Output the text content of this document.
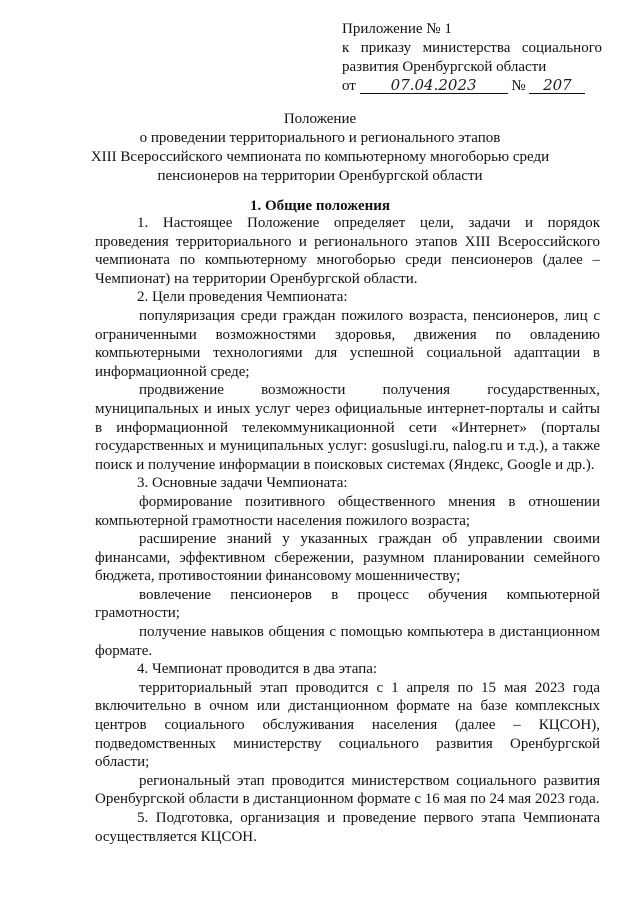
Приложение № 1
к приказу министерства социального
развития Оренбургской области
от 07.04.2023 № 207
Положение
о проведении территориального и регионального этапов
XIII Всероссийского чемпионата по компьютерному многоборью среди
пенсионеров на территории Оренбургской области
1. Общие положения

1. Настоящее Положение определяет цели, задачи и порядок проведения территориального и регионального этапов XIII Всероссийского чемпионата по компьютерному многоборью среди пенсионеров (далее – Чемпионат) на территории Оренбургской области.

2. Цели проведения Чемпионата:

популяризация среди граждан пожилого возраста, пенсионеров, лиц с ограниченными возможностями здоровья, движения по овладению компьютерными технологиями для успешной социальной адаптации в информационной среде;

продвижение возможности получения государственных, муниципальных и иных услуг через официальные интернет-порталы и сайты в информационной телекоммуникационной сети «Интернет» (порталы государственных и муниципальных услуг: gosuslugi.ru, nalog.ru и т.д.), а также поиск и получение информации в поисковых системах (Яндекс, Google и др.).

3. Основные задачи Чемпионата:

формирование позитивного общественного мнения в отношении компьютерной грамотности населения пожилого возраста;

расширение знаний у указанных граждан об управлении своими финансами, эффективном сбережении, разумном планировании семейного бюджета, противостоянии финансовому мошенничеству;

вовлечение пенсионеров в процесс обучения компьютерной грамотности;

получение навыков общения с помощью компьютера в дистанционном формате.

4. Чемпионат проводится в два этапа:

территориальный этап проводится с 1 апреля по 15 мая 2023 года включительно в очном или дистанционном формате на базе комплексных центров социального обслуживания населения (далее – КЦСОН), подведомственных министерству социального развития Оренбургской области;

региональный этап проводится министерством социального развития Оренбургской области в дистанционном формате с 16 мая по 24 мая 2023 года.

5. Подготовка, организация и проведение первого этапа Чемпионата осуществляется КЦСОН.
